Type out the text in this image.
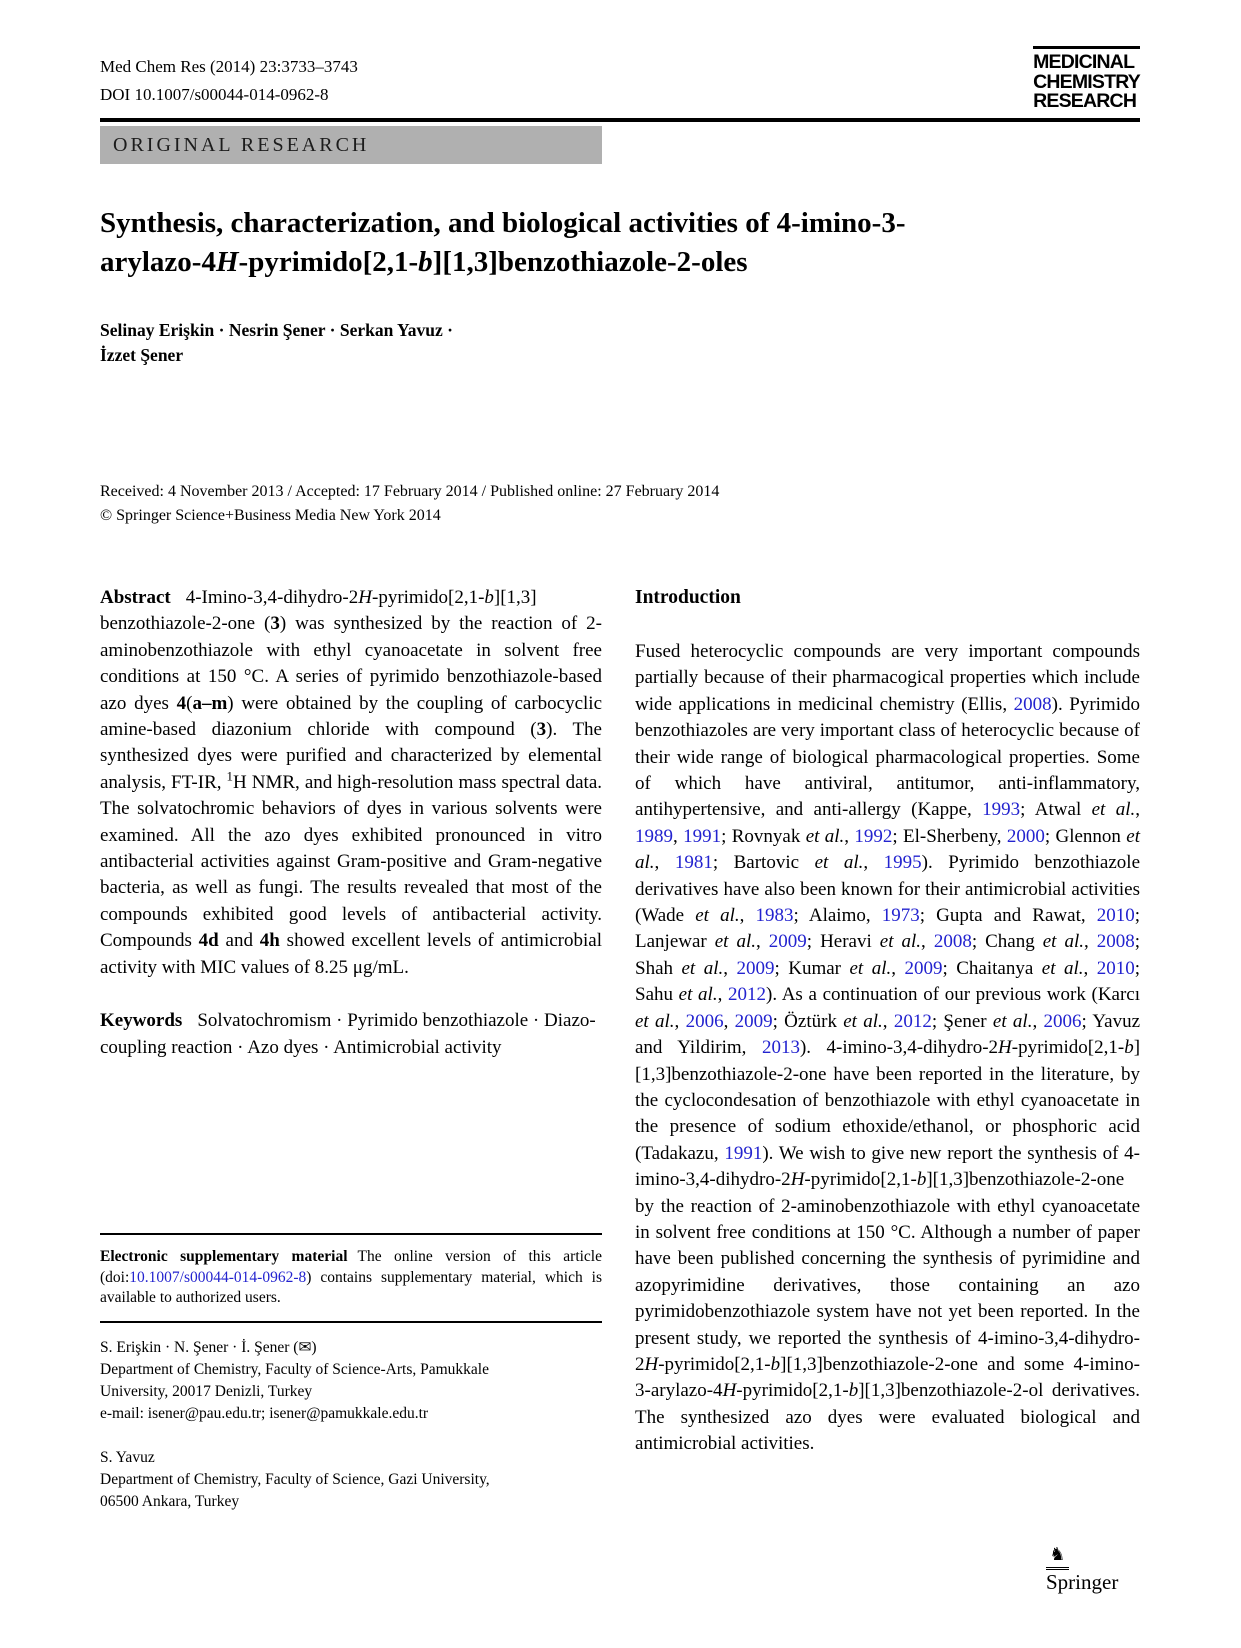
Med Chem Res (2014) 23:3733–3743
DOI 10.1007/s00044-014-0962-8
MEDICINAL
CHEMISTRY
RESEARCH
ORIGINAL RESEARCH
Synthesis, characterization, and biological activities of 4-imino-3-
arylazo-4H-pyrimido[2,1-b][1,3]benzothiazole-2-oles
Selinay Erişkin · Nesrin Şener · Serkan Yavuz ·
İzzet Şener
Received: 4 November 2013 / Accepted: 17 February 2014 / Published online: 27 February 2014
© Springer Science+Business Media New York 2014

Abstract 4-Imino-3,4-dihydro-2H-pyrimido[2,1-b][1,3] benzothiazole-2-one (3) was synthesized by the reaction of 2-aminobenzothiazole with ethyl cyanoacetate in solvent free conditions at 150 °C. A series of pyrimido benzothiazole-based azo dyes 4(a–m) were obtained by the coupling of carbocyclic amine-based diazonium chloride with compound (3). The synthesized dyes were purified and characterized by elemental analysis, FT-IR, $^1$H NMR, and high-resolution mass spectral data. The solvatochromic behaviors of dyes in various solvents were examined. All the azo dyes exhibited pronounced in vitro antibacterial activities against Gram-positive and Gram-negative bacteria, as well as fungi. The results revealed that most of the compounds exhibited good levels of antibacterial activity. Compounds 4d and 4h showed excellent levels of antimicrobial activity with MIC values of 8.25 μg/mL.

Keywords Solvatochromism · Pyrimido benzothiazole · Diazo-coupling reaction · Azo dyes · Antimicrobial activity

Introduction

Fused heterocyclic compounds are very important compounds partially because of their pharmacogical properties which include wide applications in medicinal chemistry (Ellis, 2008). Pyrimido benzothiazoles are very important class of heterocyclic because of their wide range of biological pharmacological properties. Some of which have antiviral, antitumor, anti-inflammatory, antihypertensive, and anti-allergy (Kappe, 1993; Atwal et al., 1989, 1991; Rovnyak et al., 1992; El-Sherbeny, 2000; Glennon et al., 1981; Bartovic et al., 1995). Pyrimido benzothiazole derivatives have also been known for their antimicrobial activities (Wade et al., 1983; Alaimo, 1973; Gupta and Rawat, 2010; Lanjewar et al., 2009; Heravi et al., 2008; Chang et al., 2008; Shah et al., 2009; Kumar et al., 2009; Chaitanya et al., 2010; Sahu et al., 2012). As a continuation of our previous work (Karcı et al., 2006, 2009; Öztürk et al., 2012; Şener et al., 2006; Yavuz and Yildirim, 2013). 4-imino-3,4-dihydro-2H-pyrimido[2,1-b][1,3]benzothiazole-2-one have been reported in the literature, by the cyclocondesation of benzothiazole with ethyl cyanoacetate in the presence of sodium ethoxide/ethanol, or phosphoric acid (Tadakazu, 1991). We wish to give new report the synthesis of 4-imino-3,4-dihydro-2H-pyrimido[2,1-b][1,3]benzothiazole-2-one by the reaction of 2-aminobenzothiazole with ethyl cyanoacetate in solvent free conditions at 150 °C. Although a number of paper have been published concerning the synthesis of pyrimidine and azopyrimidine derivatives, those containing an azo pyrimidobenzothiazole system have not yet been reported. In the present study, we reported the synthesis of 4-imino-3,4-dihydro-2H-pyrimido[2,1-b][1,3]benzothiazole-2-one and some 4-imino-3-arylazo-4H-pyrimido[2,1-b][1,3]benzothiazole-2-ol derivatives. The synthesized azo dyes were evaluated biological and antimicrobial activities.

Electronic supplementary material The online version of this article (doi:10.1007/s00044-014-0962-8) contains supplementary material, which is available to authorized users.

S. Erişkin · N. Şener · İ. Şener (✉)
Department of Chemistry, Faculty of Science-Arts, Pamukkale
University, 20017 Denizli, Turkey
e-mail: isener@pau.edu.tr; isener@pamukkale.edu.tr

S. Yavuz
Department of Chemistry, Faculty of Science, Gazi University,
06500 Ankara, Turkey

♞Springer
